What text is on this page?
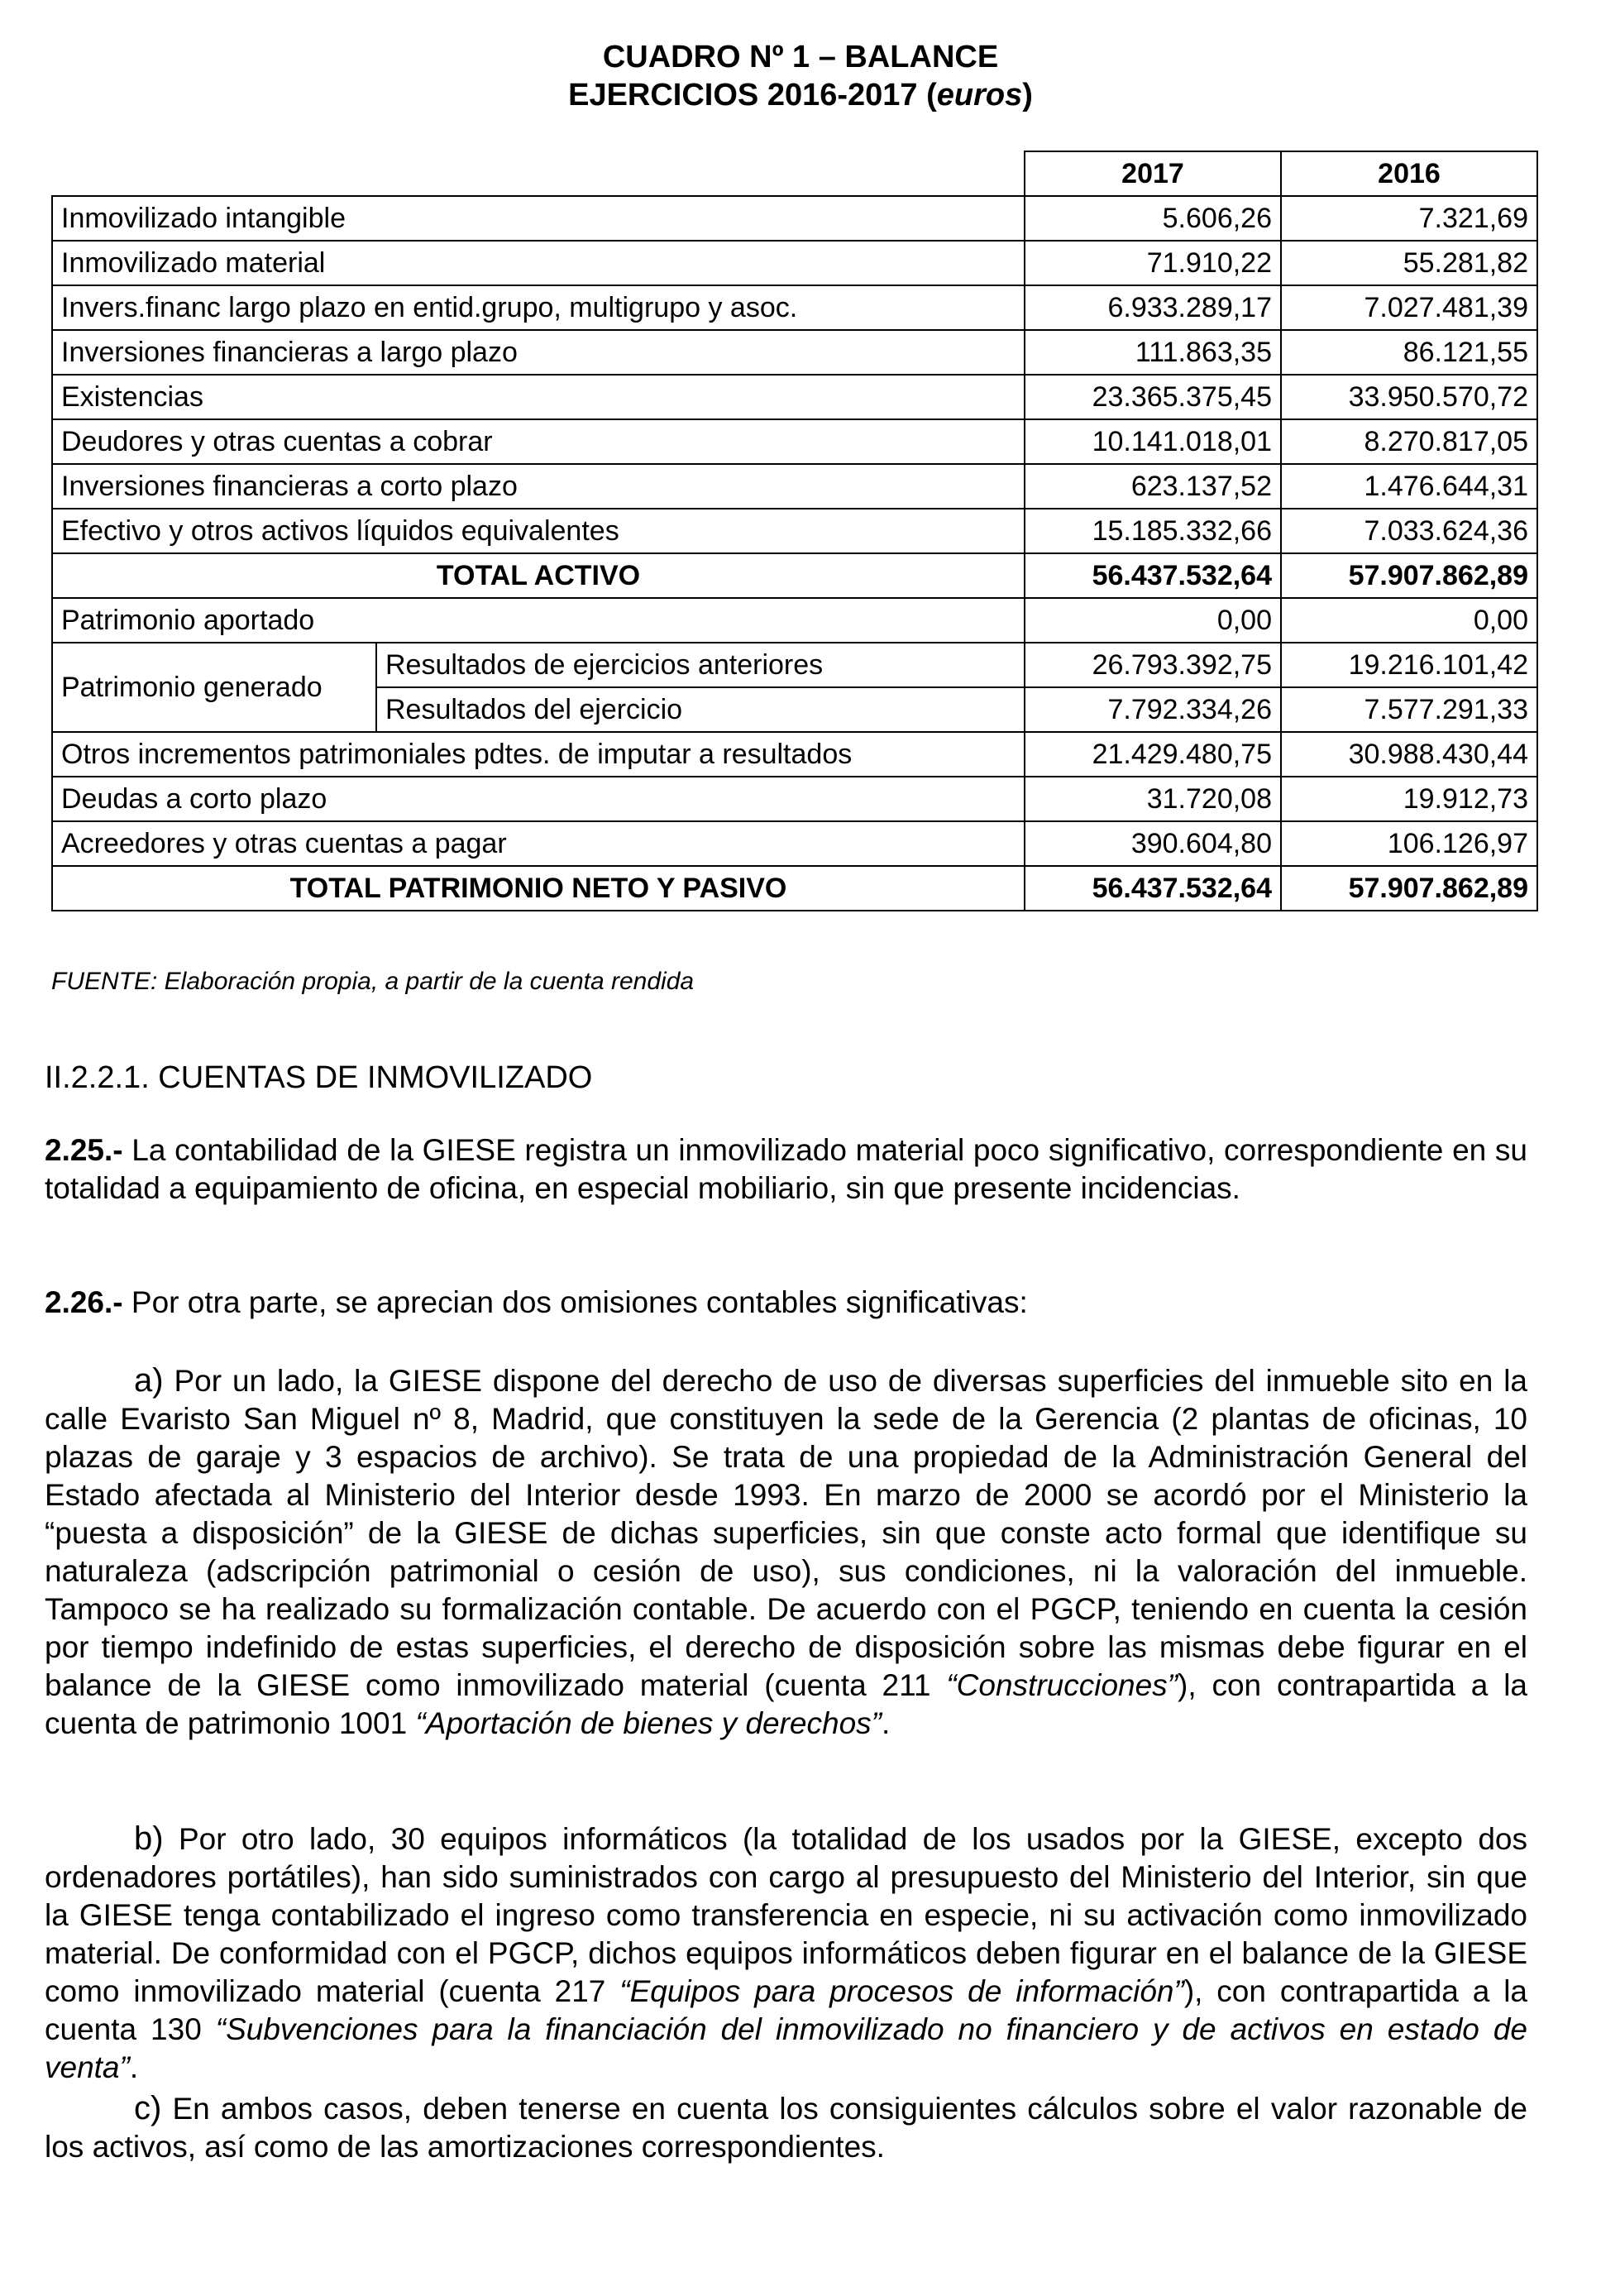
CUADRO Nº 1 – BALANCE
EJERCICIOS 2016-2017 (euros)
		2017	2016
Inmovilizado intangible		5.606,26	7.321,69
Inmovilizado material		71.910,22	55.281,82
Invers.financ largo plazo en entid.grupo, multigrupo y asoc.		6.933.289,17	7.027.481,39
Inversiones financieras a largo plazo		111.863,35	86.121,55
Existencias		23.365.375,45	33.950.570,72
Deudores y otras cuentas a cobrar		10.141.018,01	8.270.817,05
Inversiones financieras a corto plazo		623.137,52	1.476.644,31
Efectivo y otros activos líquidos equivalentes		15.185.332,66	7.033.624,36
TOTAL ACTIVO		56.437.532,64	57.907.862,89
Patrimonio aportado		0,00	0,00
Patrimonio generado	Resultados de ejercicios anteriores	26.793.392,75	19.216.101,42
	Resultados del ejercicio	7.792.334,26	7.577.291,33
Otros incrementos patrimoniales pdtes. de imputar a resultados		21.429.480,75	30.988.430,44
Deudas a corto plazo		31.720,08	19.912,73
Acreedores y otras cuentas a pagar		390.604,80	106.126,97
TOTAL PATRIMONIO NETO Y PASIVO		56.437.532,64	57.907.862,89
FUENTE: Elaboración propia, a partir de la cuenta rendida
II.2.2.1. CUENTAS DE INMOVILIZADO
2.25.- La contabilidad de la GIESE registra un inmovilizado material poco significativo, correspondiente en su totalidad a equipamiento de oficina, en especial mobiliario, sin que presente incidencias.
2.26.- Por otra parte, se aprecian dos omisiones contables significativas:
a) Por un lado, la GIESE dispone del derecho de uso de diversas superficies del inmueble sito en la calle Evaristo San Miguel nº 8, Madrid, que constituyen la sede de la Gerencia (2 plantas de oficinas, 10 plazas de garaje y 3 espacios de archivo). Se trata de una propiedad de la Administración General del Estado afectada al Ministerio del Interior desde 1993. En marzo de 2000 se acordó por el Ministerio la “puesta a disposición” de la GIESE de dichas superficies, sin que conste acto formal que identifique su naturaleza (adscripción patrimonial o cesión de uso), sus condiciones, ni la valoración del inmueble. Tampoco se ha realizado su formalización contable. De acuerdo con el PGCP, teniendo en cuenta la cesión por tiempo indefinido de estas superficies, el derecho de disposición sobre las mismas debe figurar en el balance de la GIESE como inmovilizado material (cuenta 211 “Construcciones”), con contrapartida a la cuenta de patrimonio 1001 “Aportación de bienes y derechos”.
b) Por otro lado, 30 equipos informáticos (la totalidad de los usados por la GIESE, excepto dos ordenadores portátiles), han sido suministrados con cargo al presupuesto del Ministerio del Interior, sin que la GIESE tenga contabilizado el ingreso como transferencia en especie, ni su activación como inmovilizado material. De conformidad con el PGCP, dichos equipos informáticos deben figurar en el balance de la GIESE como inmovilizado material (cuenta 217 “Equipos para procesos de información”), con contrapartida a la cuenta 130 “Subvenciones para la financiación del inmovilizado no financiero y de activos en estado de venta”.
c) En ambos casos, deben tenerse en cuenta los consiguientes cálculos sobre el valor razonable de los activos, así como de las amortizaciones correspondientes.
